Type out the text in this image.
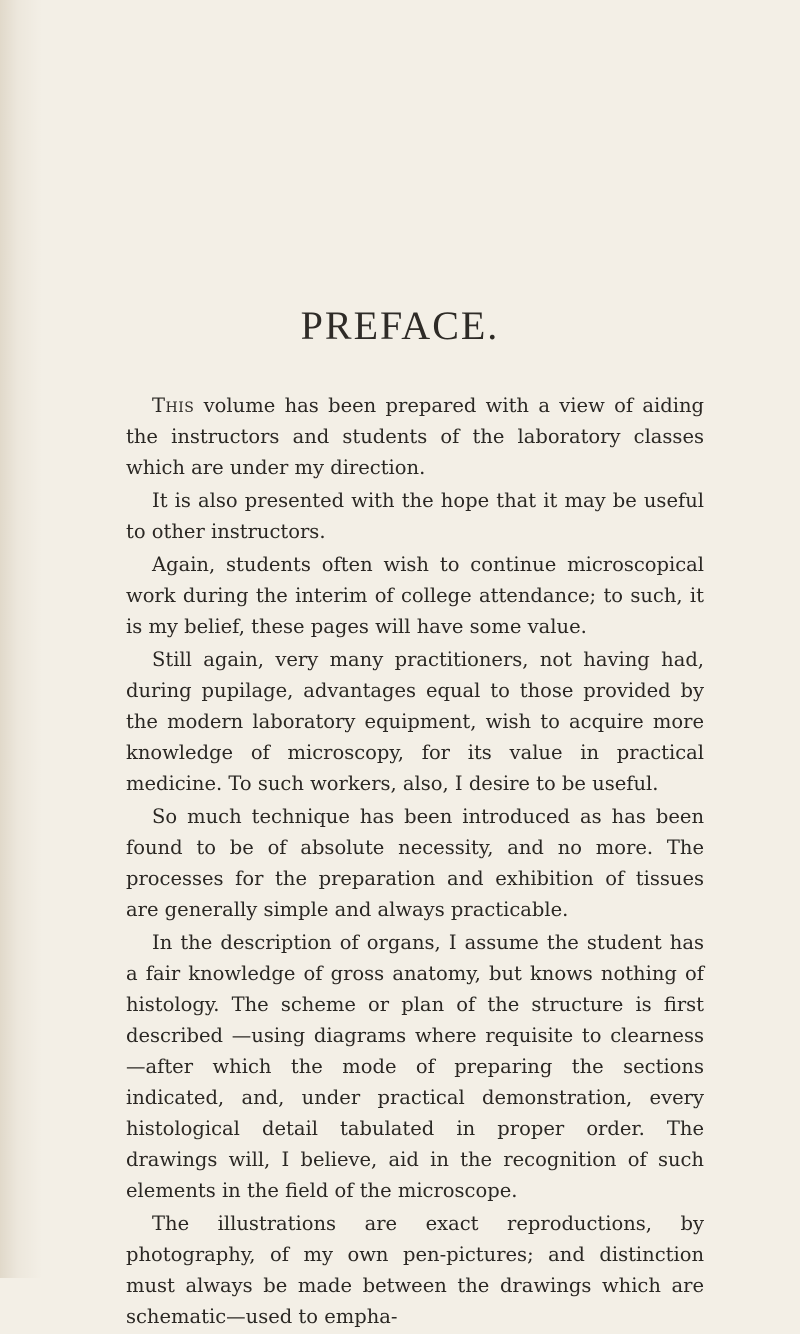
PREFACE.

This volume has been prepared with a view of aiding the instructors and students of the laboratory classes which are under my direction.

It is also presented with the hope that it may be useful to other instructors.

Again, students often wish to continue microscopical work during the interim of college attendance; to such, it is my belief, these pages will have some value.

Still again, very many practitioners, not having had, during pupilage, advantages equal to those provided by the modern laboratory equipment, wish to acquire more knowledge of microscopy, for its value in practical medicine. To such workers, also, I desire to be useful.

So much technique has been introduced as has been found to be of absolute necessity, and no more. The processes for the preparation and exhibition of tissues are generally simple and always practicable.

In the description of organs, I assume the student has a fair knowledge of gross anatomy, but knows nothing of histology. The scheme or plan of the structure is first described —using diagrams where requisite to clearness—after which the mode of preparing the sections indicated, and, under practical demonstration, every histological detail tabulated in proper order. The drawings will, I believe, aid in the recognition of such elements in the field of the microscope.

The illustrations are exact reproductions, by photography, of my own pen-pictures; and distinction must always be made between the drawings which are schematic—used to empha-
